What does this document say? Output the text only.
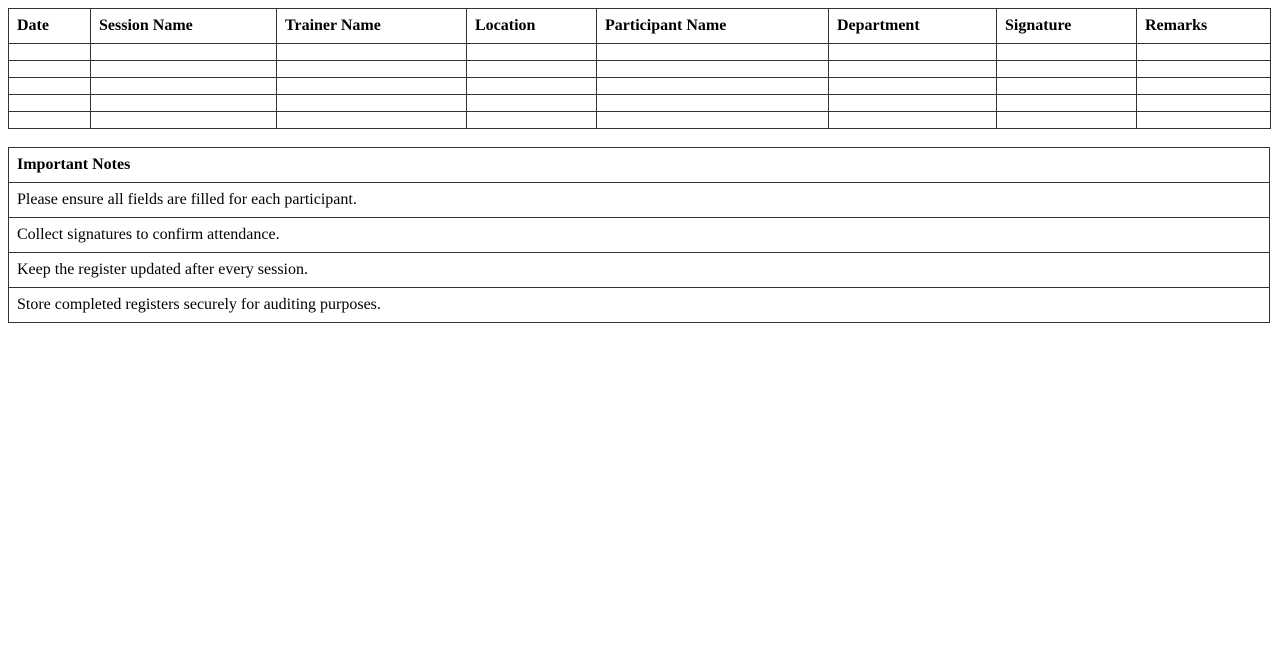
Date	Session Name	Trainer Name	Location	Participant Name	Department	Signature	Remarks

Important Notes
Please ensure all fields are filled for each participant.
Collect signatures to confirm attendance.
Keep the register updated after every session.
Store completed registers securely for auditing purposes.
